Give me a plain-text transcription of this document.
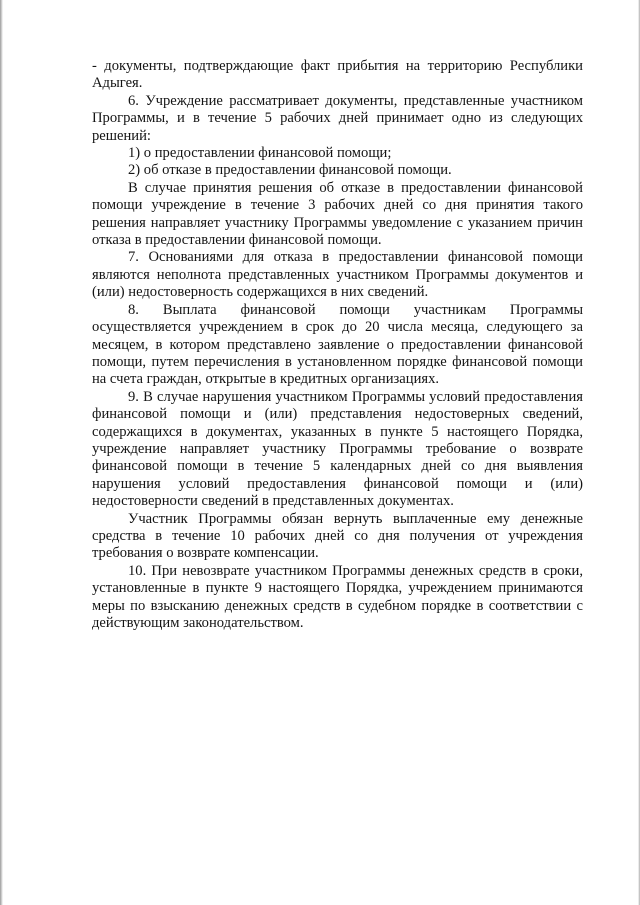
- документы, подтверждающие факт прибытия на территорию Республики Адыгея.

6. Учреждение рассматривает документы, представленные участником Программы, и в течение 5 рабочих дней принимает одно из следующих решений:

1) о предоставлении финансовой помощи;

2) об отказе в предоставлении финансовой помощи.

В случае принятия решения об отказе в предоставлении финансовой помощи учреждение в течение 3 рабочих дней со дня принятия такого решения направляет участнику Программы уведомление с указанием причин отказа в предоставлении финансовой помощи.

7. Основаниями для отказа в предоставлении финансовой помощи являются неполнота представленных участником Программы документов и (или) недостоверность содержащихся в них сведений.

8. Выплата финансовой помощи участникам Программы осуществляется учреждением в срок до 20 числа месяца, следующего за месяцем, в котором представлено заявление о предоставлении финансовой помощи, путем перечисления в установленном порядке финансовой помощи на счета граждан, открытые в кредитных организациях.

9. В случае нарушения участником Программы условий предоставления финансовой помощи и (или) представления недостоверных сведений, содержащихся в документах, указанных в пункте 5 настоящего Порядка, учреждение направляет участнику Программы требование о возврате финансовой помощи в течение 5 календарных дней со дня выявления нарушения условий предоставления финансовой помощи и (или) недостоверности сведений в представленных документах.

Участник Программы обязан вернуть выплаченные ему денежные средства в течение 10 рабочих дней со дня получения от учреждения требования о возврате компенсации.

10. При невозврате участником Программы денежных средств в сроки, установленные в пункте 9 настоящего Порядка, учреждением принимаются меры по взысканию денежных средств в судебном порядке в соответствии с действующим законодательством.
